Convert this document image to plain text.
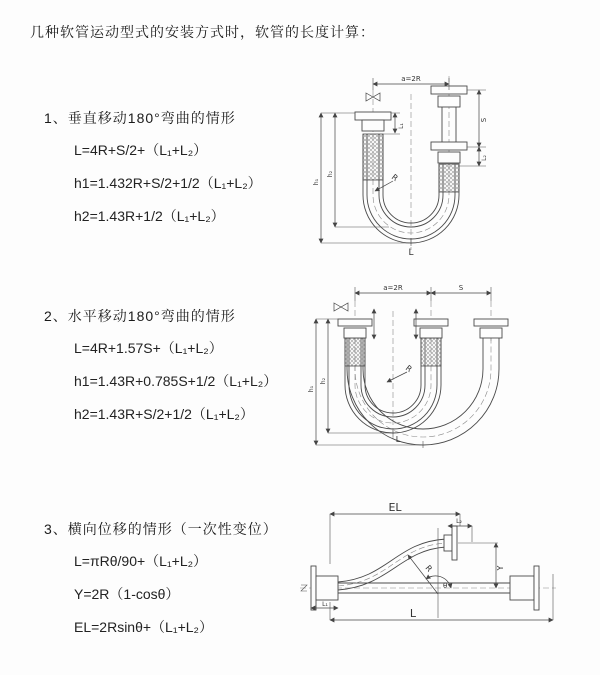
几种软管运动型式的安装方式时，软管的长度计算：

1、垂直移动180°弯曲的情形

L=4R+S/2+（L₁+L₂）

h1=1.432R+S/2+1/2（L₁+L₂）

h2=1.43R+1/2（L₁+L₂）

2、水平移动180°弯曲的情形

L=4R+1.57S+（L₁+L₂）

h1=1.43R+0.785S+1/2（L₁+L₂）

h2=1.43R+S/2+1/2（L₁+L₂）

3、横向位移的情形（一次性变位）

L=πRθ/90+（L₁+L₂）

Y=2R（1-cosθ）

EL=2Rsinθ+（L₁+L₂）

a=2R
L₁
S
L₂
h₁
h₂	R
L
a=2R	S
h₁
h₂
R
L
EL
L₂
Y
L₁
R
θ
L
